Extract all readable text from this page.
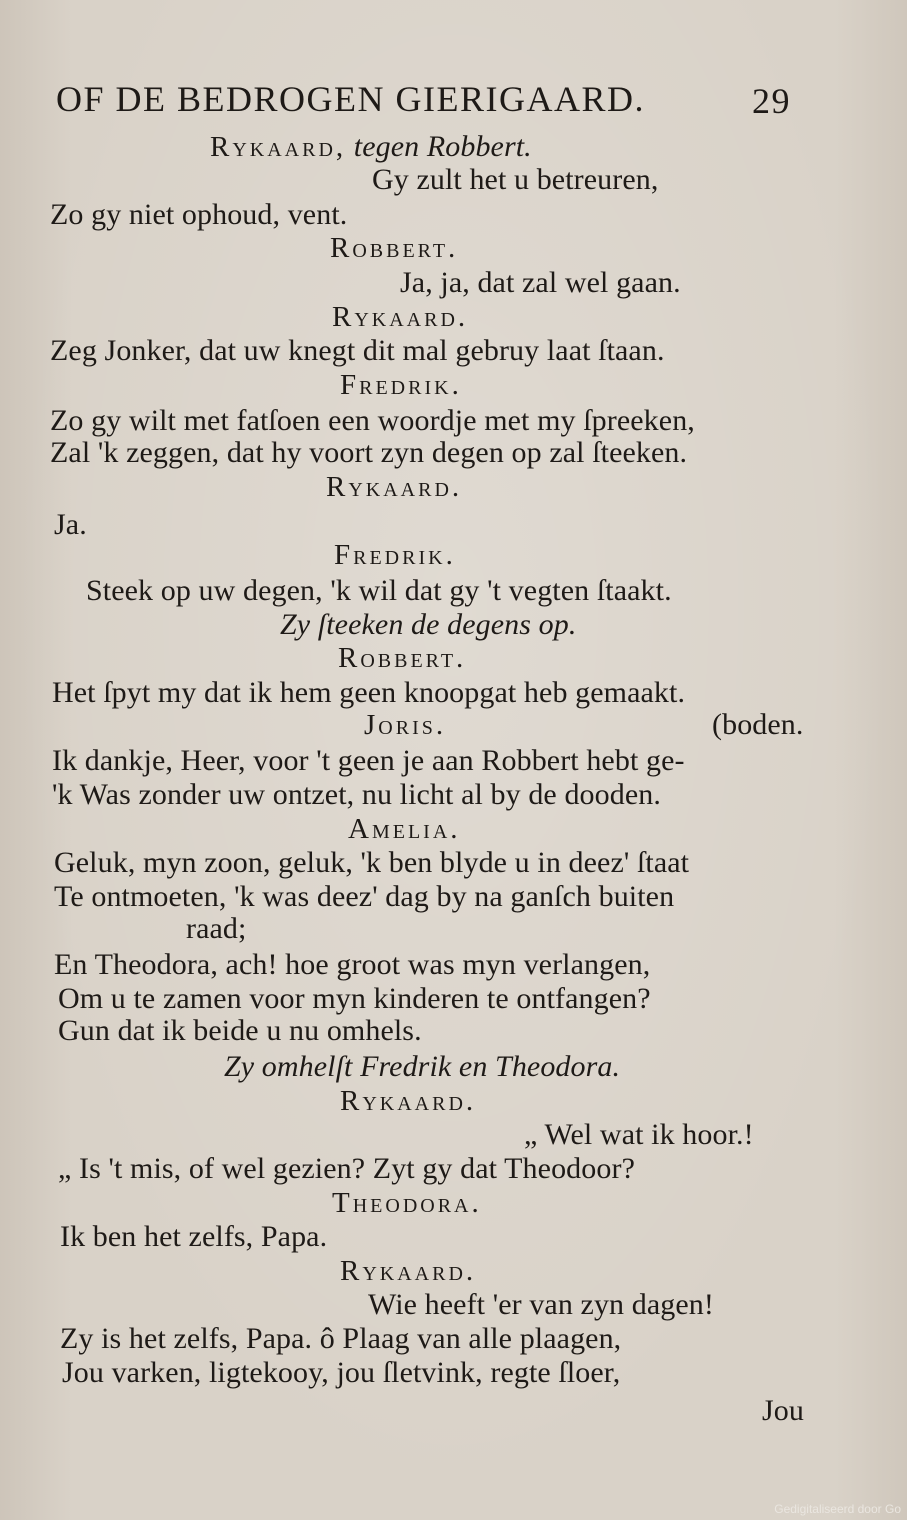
OF DE BEDROGEN GIERIGAARD.	29
Rykaard, tegen Robbert.
Gy zult het u betreuren,
Zo gy niet ophoud, vent.
Robbert.
Ja, ja, dat zal wel gaan.
Rykaard.
Zeg Jonker, dat uw knegt dit mal gebruy laat ſtaan.
Fredrik.
Zo gy wilt met fatſoen een woordje met my ſpreeken,
Zal 'k zeggen, dat hy voort zyn degen op zal ſteeken.
Rykaard.
Ja.
Fredrik.
Steek op uw degen, 'k wil dat gy 't vegten ſtaakt.
Zy ſteeken de degens op.
Robbert.
Het ſpyt my dat ik hem geen knoopgat heb gemaakt.
Joris.	(boden.
Ik dankje, Heer, voor 't geen je aan Robbert hebt ge-
'k Was zonder uw ontzet, nu licht al by de dooden.
Amelia.
Geluk, myn zoon, geluk, 'k ben blyde u in deez' ſtaat
Te ontmoeten, 'k was deez' dag by na ganſch buiten
raad;
En Theodora, ach! hoe groot was myn verlangen,
Om u te zamen voor myn kinderen te ontfangen?
Gun dat ik beide u nu omhels.
Zy omhelſt Fredrik en Theodora.
Rykaard.
„ Wel wat ik hoor.!
„ Is 't mis, of wel gezien? Zyt gy dat Theodoor?
Theodora.
Ik ben het zelfs, Papa.
Rykaard.
Wie heeft 'er van zyn dagen!
Zy is het zelfs, Papa. ô Plaag van alle plaagen,
Jou varken, ligtekooy, jou ſletvink, regte ſloer,
Jou
Gedigitaliseerd door Go
